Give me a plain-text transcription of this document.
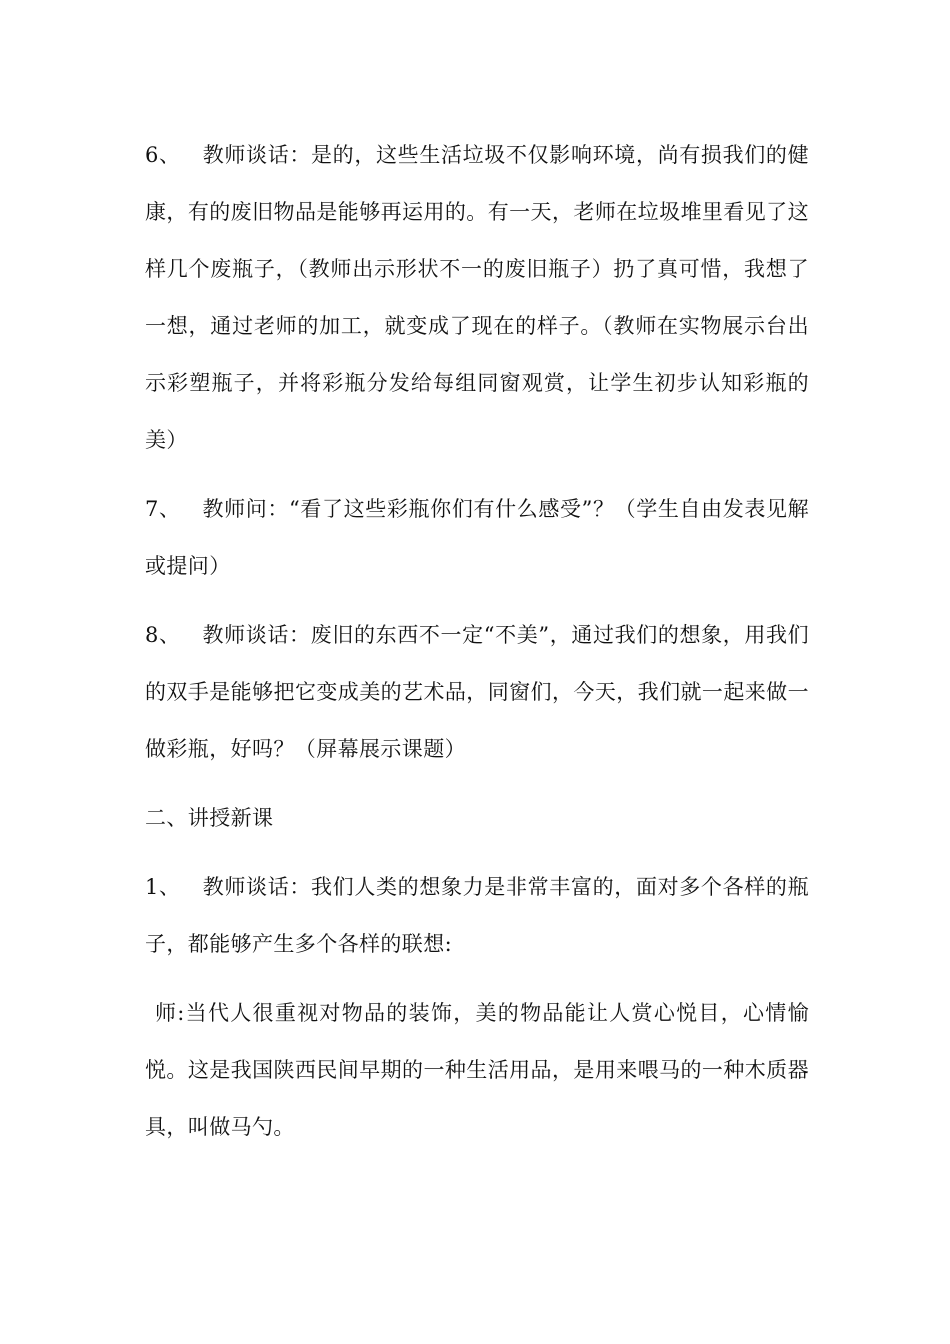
6、 教师谈话：是的，这些生活垃圾不仅影响环境，尚有损我们的健康，有的废旧物品是能够再运用的。有一天，老师在垃圾堆里看见了这样几个废瓶子，（教师出示形状不一的废旧瓶子）扔了真可惜，我想了一想，通过老师的加工，就变成了现在的样子。（教师在实物展示台出示彩塑瓶子，并将彩瓶分发给每组同窗观赏，让学生初步认知彩瓶的美）

7、 教师问：“看了这些彩瓶你们有什么感受”？（学生自由发表见解或提问）

8、 教师谈话：废旧的东西不一定“不美”，通过我们的想象，用我们的双手是能够把它变成美的艺术品，同窗们，今天，我们就一起来做一做彩瓶，好吗？（屏幕展示课题）

二、讲授新课

1、 教师谈话：我们人类的想象力是非常丰富的，面对多个各样的瓶子，都能够产生多个各样的联想:

师:当代人很重视对物品的装饰，美的物品能让人赏心悦目，心情愉悦。这是我国陕西民间早期的一种生活用品，是用来喂马的一种木质器具，叫做马勺。
